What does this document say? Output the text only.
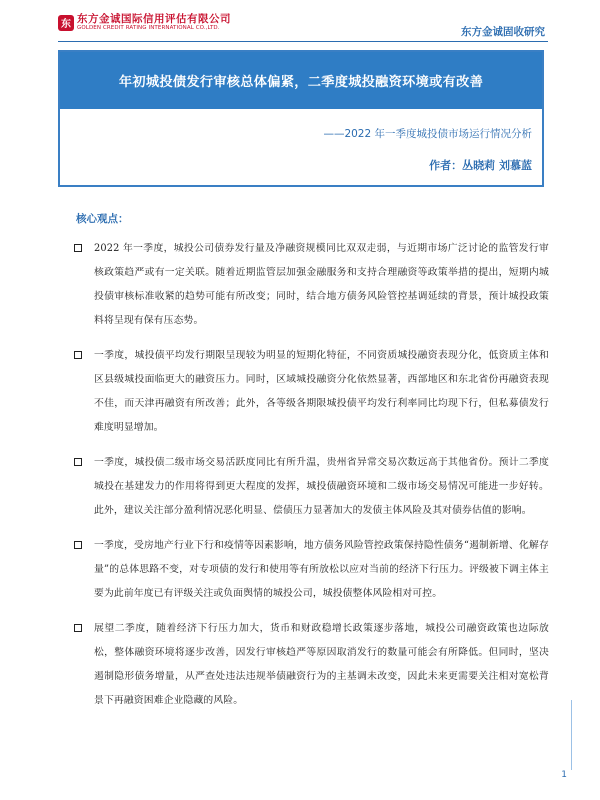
东 东方金诚国际信用评估有限公司
GOLDEN CREDIT RATING INTERNATIONAL CO.,LTD.	东方金诚固收研究
年初城投债发行审核总体偏紧，二季度城投融资环境或有改善
——2022 年一季度城投债市场运行情况分析
作者：丛晓莉 刘慕蓝
核心观点：
2022 年一季度，城投公司债券发行量及净融资规模同比双双走弱，与近期市场广泛讨论的监管发行审核政策趋严或有一定关联。随着近期监管层加强金融服务和支持合理融资等政策举措的提出，短期内城投债审核标准收紧的趋势可能有所改变；同时，结合地方债务风险管控基调延续的背景，预计城投政策料将呈现有保有压态势。
一季度，城投债平均发行期限呈现较为明显的短期化特征，不同资质城投融资表现分化，低资质主体和区县级城投面临更大的融资压力。同时，区域城投融资分化依然显著，西部地区和东北省份再融资表现不佳，而天津再融资有所改善；此外，各等级各期限城投债平均发行利率同比均现下行，但私募债发行难度明显增加。
一季度，城投债二级市场交易活跃度同比有所升温，贵州省异常交易次数远高于其他省份。预计二季度城投在基建发力的作用将得到更大程度的发挥，城投债融资环境和二级市场交易情况可能进一步好转。此外，建议关注部分盈利情况恶化明显、偿债压力显著加大的发债主体风险及其对债券估值的影响。
一季度，受房地产行业下行和疫情等因素影响，地方债务风险管控政策保持隐性债务“遏制新增、化解存量”的总体思路不变，对专项债的发行和使用等有所放松以应对当前的经济下行压力。评级被下调主体主要为此前年度已有评级关注或负面舆情的城投公司，城投债整体风险相对可控。
展望二季度，随着经济下行压力加大，货币和财政稳增长政策逐步落地，城投公司融资政策也边际放松，整体融资环境将逐步改善，因发行审核趋严等原因取消发行的数量可能会有所降低。但同时，坚决遏制隐形债务增量，从严查处违法违规举债融资行为的主基调未改变，因此未来更需要关注相对宽松背景下再融资困难企业隐藏的风险。
1
